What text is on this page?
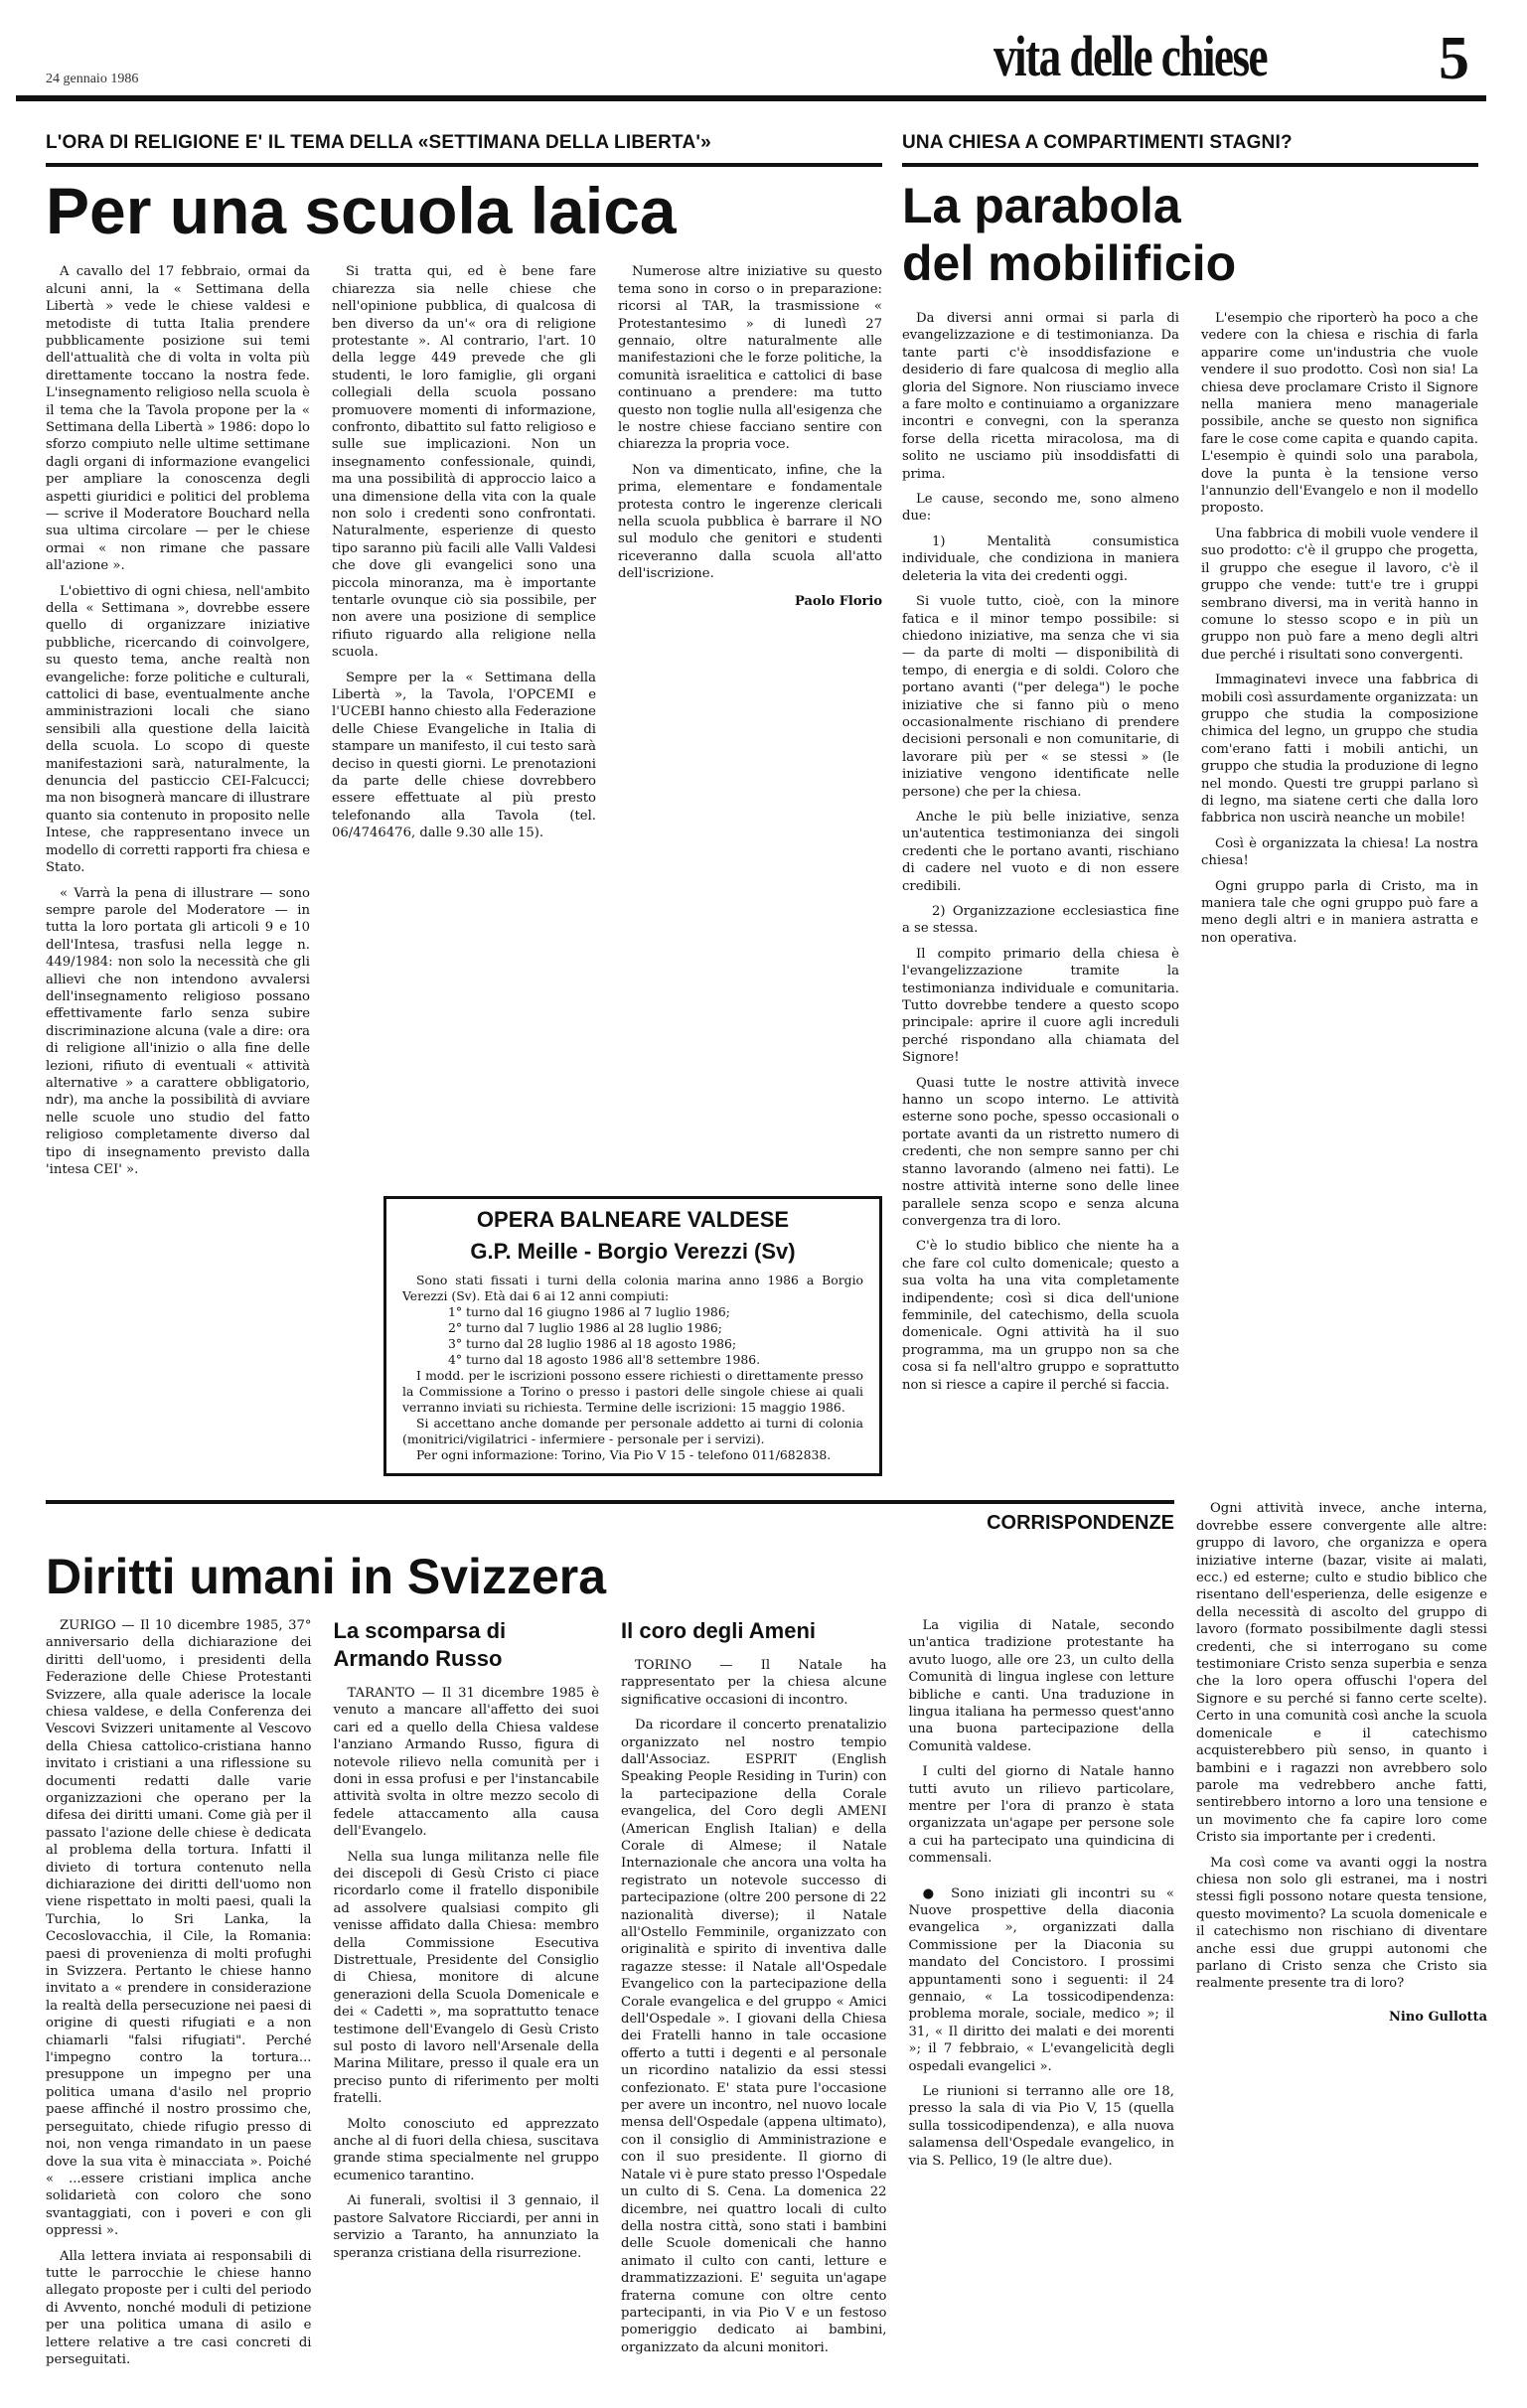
24 gennaio 1986	vita delle chiese	5
L'ORA DI RELIGIONE E' IL TEMA DELLA «SETTIMANA DELLA LIBERTA'»
Per una scuola laica

A cavallo del 17 febbraio, ormai da alcuni anni, la « Settimana della Libertà » vede le chiese valdesi e metodiste di tutta Italia prendere pubblicamente posizione sui temi dell'attualità che di volta in volta più direttamente toccano la nostra fede. L'insegnamento religioso nella scuola è il tema che la Tavola propone per la « Settimana della Libertà » 1986: dopo lo sforzo compiuto nelle ultime settimane dagli organi di informazione evangelici per ampliare la conoscenza degli aspetti giuridici e politici del problema — scrive il Moderatore Bouchard nella sua ultima circolare — per le chiese ormai « non rimane che passare all'azione ».

L'obiettivo di ogni chiesa, nell'ambito della « Settimana », dovrebbe essere quello di organizzare iniziative pubbliche, ricercando di coinvolgere, su questo tema, anche realtà non evangeliche: forze politiche e culturali, cattolici di base, eventualmente anche amministrazioni locali che siano sensibili alla questione della laicità della scuola. Lo scopo di queste manifestazioni sarà, naturalmente, la denuncia del pasticcio CEI-Falcucci; ma non bisognerà mancare di illustrare quanto sia contenuto in proposito nelle Intese, che rappresentano invece un modello di corretti rapporti fra chiesa e Stato.

« Varrà la pena di illustrare — sono sempre parole del Moderatore — in tutta la loro portata gli articoli 9 e 10 dell'Intesa, trasfusi nella legge n. 449/1984: non solo la necessità che gli allievi che non intendono avvalersi dell'insegnamento religioso possano effettivamente farlo senza subire discriminazione alcuna (vale a dire: ora di religione all'inizio o alla fine delle lezioni, rifiuto di eventuali « attività alternative » a carattere obbligatorio, ndr), ma anche la possibilità di avviare nelle scuole uno studio del fatto religioso completamente diverso dal tipo di insegnamento previsto dalla 'intesa CEI' ».

Si tratta qui, ed è bene fare chiarezza sia nelle chiese che nell'opinione pubblica, di qualcosa di ben diverso da un'« ora di religione protestante ». Al contrario, l'art. 10 della legge 449 prevede che gli studenti, le loro famiglie, gli organi collegiali della scuola possano promuovere momenti di informazione, confronto, dibattito sul fatto religioso e sulle sue implicazioni. Non un insegnamento confessionale, quindi, ma una possibilità di approccio laico a una dimensione della vita con la quale non solo i credenti sono confrontati. Naturalmente, esperienze di questo tipo saranno più facili alle Valli Valdesi che dove gli evangelici sono una piccola minoranza, ma è importante tentarle ovunque ciò sia possibile, per non avere una posizione di semplice rifiuto riguardo alla religione nella scuola.

Sempre per la « Settimana della Libertà », la Tavola, l'OPCEMI e l'UCEBI hanno chiesto alla Federazione delle Chiese Evangeliche in Italia di stampare un manifesto, il cui testo sarà deciso in questi giorni. Le prenotazioni da parte delle chiese dovrebbero essere effettuate al più presto telefonando alla Tavola (tel. 06/4746476, dalle 9.30 alle 15).

Numerose altre iniziative su questo tema sono in corso o in preparazione: ricorsi al TAR, la trasmissione « Protestantesimo » di lunedì 27 gennaio, oltre naturalmente alle manifestazioni che le forze politiche, la comunità israelitica e cattolici di base continuano a prendere: ma tutto questo non toglie nulla all'esigenza che le nostre chiese facciano sentire con chiarezza la propria voce.

Non va dimenticato, infine, che la prima, elementare e fondamentale protesta contro le ingerenze clericali nella scuola pubblica è barrare il NO sul modulo che genitori e studenti riceveranno dalla scuola all'atto dell'iscrizione.

Paolo Florio
OPERA BALNEARE VALDESE
G.P. Meille - Borgio Verezzi (Sv)

Sono stati fissati i turni della colonia marina anno 1986 a Borgio Verezzi (Sv). Età dai 6 ai 12 anni compiuti:

1° turno dal 16 giugno 1986 al 7 luglio 1986;

2° turno dal 7 luglio 1986 al 28 luglio 1986;

3° turno dal 28 luglio 1986 al 18 agosto 1986;

4° turno dal 18 agosto 1986 all'8 settembre 1986.

I modd. per le iscrizioni possono essere richiesti o direttamente presso la Commissione a Torino o presso i pastori delle singole chiese ai quali verranno inviati su richiesta. Termine delle iscrizioni: 15 maggio 1986.

Si accettano anche domande per personale addetto ai turni di colonia (monitrici/vigilatrici - infermiere - personale per i servizi).

Per ogni informazione: Torino, Via Pio V 15 - telefono 011/682838.

UNA CHIESA A COMPARTIMENTI STAGNI?
La parabola
del mobilificio

Da diversi anni ormai si parla di evangelizzazione e di testimonianza. Da tante parti c'è insoddisfazione e desiderio di fare qualcosa di meglio alla gloria del Signore. Non riusciamo invece a fare molto e continuiamo a organizzare incontri e convegni, con la speranza forse della ricetta miracolosa, ma di solito ne usciamo più insoddisfatti di prima.

Le cause, secondo me, sono almeno due:

1) Mentalità consumistica individuale, che condiziona in maniera deleteria la vita dei credenti oggi.

Si vuole tutto, cioè, con la minore fatica e il minor tempo possibile: si chiedono iniziative, ma senza che vi sia — da parte di molti — disponibilità di tempo, di energia e di soldi. Coloro che portano avanti ("per delega") le poche iniziative che si fanno più o meno occasionalmente rischiano di prendere decisioni personali e non comunitarie, di lavorare più per « se stessi » (le iniziative vengono identificate nelle persone) che per la chiesa.

Anche le più belle iniziative, senza un'autentica testimonianza dei singoli credenti che le portano avanti, rischiano di cadere nel vuoto e di non essere credibili.

2) Organizzazione ecclesiastica fine a se stessa.

Il compito primario della chiesa è l'evangelizzazione tramite la testimonianza individuale e comunitaria. Tutto dovrebbe tendere a questo scopo principale: aprire il cuore agli increduli perché rispondano alla chiamata del Signore!

Quasi tutte le nostre attività invece hanno un scopo interno. Le attività esterne sono poche, spesso occasionali o portate avanti da un ristretto numero di credenti, che non sempre sanno per chi stanno lavorando (almeno nei fatti). Le nostre attività interne sono delle linee parallele senza scopo e senza alcuna convergenza tra di loro.

C'è lo studio biblico che niente ha a che fare col culto domenicale; questo a sua volta ha una vita completamente indipendente; così si dica dell'unione femminile, del catechismo, della scuola domenicale. Ogni attività ha il suo programma, ma un gruppo non sa che cosa si fa nell'altro gruppo e soprattutto non si riesce a capire il perché si faccia.

L'esempio che riporterò ha poco a che vedere con la chiesa e rischia di farla apparire come un'industria che vuole vendere il suo prodotto. Così non sia! La chiesa deve proclamare Cristo il Signore nella maniera meno manageriale possibile, anche se questo non significa fare le cose come capita e quando capita. L'esempio è quindi solo una parabola, dove la punta è la tensione verso l'annunzio dell'Evangelo e non il modello proposto.

Una fabbrica di mobili vuole vendere il suo prodotto: c'è il gruppo che progetta, il gruppo che esegue il lavoro, c'è il gruppo che vende: tutt'e tre i gruppi sembrano diversi, ma in verità hanno in comune lo stesso scopo e in più un gruppo non può fare a meno degli altri due perché i risultati sono convergenti.

Immaginatevi invece una fabbrica di mobili così assurdamente organizzata: un gruppo che studia la composizione chimica del legno, un gruppo che studia com'erano fatti i mobili antichi, un gruppo che studia la produzione di legno nel mondo. Questi tre gruppi parlano sì di legno, ma siatene certi che dalla loro fabbrica non uscirà neanche un mobile!

Così è organizzata la chiesa! La nostra chiesa!

Ogni gruppo parla di Cristo, ma in maniera tale che ogni gruppo può fare a meno degli altri e in maniera astratta e non operativa.

CORRISPONDENZE
Diritti umani in Svizzera

ZURIGO — Il 10 dicembre 1985, 37° anniversario della dichiarazione dei diritti dell'uomo, i presidenti della Federazione delle Chiese Protestanti Svizzere, alla quale aderisce la locale chiesa valdese, e della Conferenza dei Vescovi Svizzeri unitamente al Vescovo della Chiesa cattolico-cristiana hanno invitato i cristiani a una riflessione su documenti redatti dalle varie organizzazioni che operano per la difesa dei diritti umani. Come già per il passato l'azione delle chiese è dedicata al problema della tortura. Infatti il divieto di tortura contenuto nella dichiarazione dei diritti dell'uomo non viene rispettato in molti paesi, quali la Turchia, lo Sri Lanka, la Cecoslovacchia, il Cile, la Romania: paesi di provenienza di molti profughi in Svizzera. Pertanto le chiese hanno invitato a « prendere in considerazione la realtà della persecuzione nei paesi di origine di questi rifugiati e a non chiamarli "falsi rifugiati". Perché l'impegno contro la tortura... presuppone un impegno per una politica umana d'asilo nel proprio paese affinché il nostro prossimo che, perseguitato, chiede rifugio presso di noi, non venga rimandato in un paese dove la sua vita è minacciata ». Poiché « ...essere cristiani implica anche solidarietà con coloro che sono svantaggiati, con i poveri e con gli oppressi ».

Alla lettera inviata ai responsabili di tutte le parrocchie le chiese hanno allegato proposte per i culti del periodo di Avvento, nonché moduli di petizione per una politica umana di asilo e lettere relative a tre casi concreti di perseguitati.

La scomparsa di
Armando Russo

TARANTO — Il 31 dicembre 1985 è venuto a mancare all'affetto dei suoi cari ed a quello della Chiesa valdese l'anziano Armando Russo, figura di notevole rilievo nella comunità per i doni in essa profusi e per l'instancabile attività svolta in oltre mezzo secolo di fedele attaccamento alla causa dell'Evangelo.

Nella sua lunga militanza nelle file dei discepoli di Gesù Cristo ci piace ricordarlo come il fratello disponibile ad assolvere qualsiasi compito gli venisse affidato dalla Chiesa: membro della Commissione Esecutiva Distrettuale, Presidente del Consiglio di Chiesa, monitore di alcune generazioni della Scuola Domenicale e dei « Cadetti », ma soprattutto tenace testimone dell'Evangelo di Gesù Cristo sul posto di lavoro nell'Arsenale della Marina Militare, presso il quale era un preciso punto di riferimento per molti fratelli.

Molto conosciuto ed apprezzato anche al di fuori della chiesa, suscitava grande stima specialmente nel gruppo ecumenico tarantino.

Ai funerali, svoltisi il 3 gennaio, il pastore Salvatore Ricciardi, per anni in servizio a Taranto, ha annunziato la speranza cristiana della risurrezione.

Il coro degli Ameni

TORINO — Il Natale ha rappresentato per la chiesa alcune significative occasioni di incontro.

Da ricordare il concerto prenatalizio organizzato nel nostro tempio dall'Associaz. ESPRIT (English Speaking People Residing in Turin) con la partecipazione della Corale evangelica, del Coro degli AMENI (American English Italian) e della Corale di Almese; il Natale Internazionale che ancora una volta ha registrato un notevole successo di partecipazione (oltre 200 persone di 22 nazionalità diverse); il Natale all'Ostello Femminile, organizzato con originalità e spirito di inventiva dalle ragazze stesse: il Natale all'Ospedale Evangelico con la partecipazione della Corale evangelica e del gruppo « Amici dell'Ospedale ». I giovani della Chiesa dei Fratelli hanno in tale occasione offerto a tutti i degenti e al personale un ricordino natalizio da essi stessi confezionato. E' stata pure l'occasione per avere un incontro, nel nuovo locale mensa dell'Ospedale (appena ultimato), con il consiglio di Amministrazione e con il suo presidente. Il giorno di Natale vi è pure stato presso l'Ospedale un culto di S. Cena. La domenica 22 dicembre, nei quattro locali di culto della nostra città, sono stati i bambini delle Scuole domenicali che hanno animato il culto con canti, letture e drammatizzazioni. E' seguita un'agape fraterna comune con oltre cento partecipanti, in via Pio V e un festoso pomeriggio dedicato ai bambini, organizzato da alcuni monitori.

La vigilia di Natale, secondo un'antica tradizione protestante ha avuto luogo, alle ore 23, un culto della Comunità di lingua inglese con letture bibliche e canti. Una traduzione in lingua italiana ha permesso quest'anno una buona partecipazione della Comunità valdese.

I culti del giorno di Natale hanno tutti avuto un rilievo particolare, mentre per l'ora di pranzo è stata organizzata un'agape per persone sole a cui ha partecipato una quindicina di commensali.

● Sono iniziati gli incontri su « Nuove prospettive della diaconia evangelica », organizzati dalla Commissione per la Diaconia su mandato del Concistoro. I prossimi appuntamenti sono i seguenti: il 24 gennaio, « La tossicodipendenza: problema morale, sociale, medico »; il 31, « Il diritto dei malati e dei morenti »; il 7 febbraio, « L'evangelicità degli ospedali evangelici ».

Le riunioni si terranno alle ore 18, presso la sala di via Pio V, 15 (quella sulla tossicodipendenza), e alla nuova salamensa dell'Ospedale evangelico, in via S. Pellico, 19 (le altre due).

Ogni attività invece, anche interna, dovrebbe essere convergente alle altre: gruppo di lavoro, che organizza e opera iniziative interne (bazar, visite ai malati, ecc.) ed esterne; culto e studio biblico che risentano dell'esperienza, delle esigenze e della necessità di ascolto del gruppo di lavoro (formato possibilmente dagli stessi credenti, che si interrogano su come testimoniare Cristo senza superbia e senza che la loro opera offuschi l'opera del Signore e su perché si fanno certe scelte). Certo in una comunità così anche la scuola domenicale e il catechismo acquisterebbero più senso, in quanto i bambini e i ragazzi non avrebbero solo parole ma vedrebbero anche fatti, sentirebbero intorno a loro una tensione e un movimento che fa capire loro come Cristo sia importante per i credenti.

Ma così come va avanti oggi la nostra chiesa non solo gli estranei, ma i nostri stessi figli possono notare questa tensione, questo movimento? La scuola domenicale e il catechismo non rischiano di diventare anche essi due gruppi autonomi che parlano di Cristo senza che Cristo sia realmente presente tra di loro?

Nino Gullotta
